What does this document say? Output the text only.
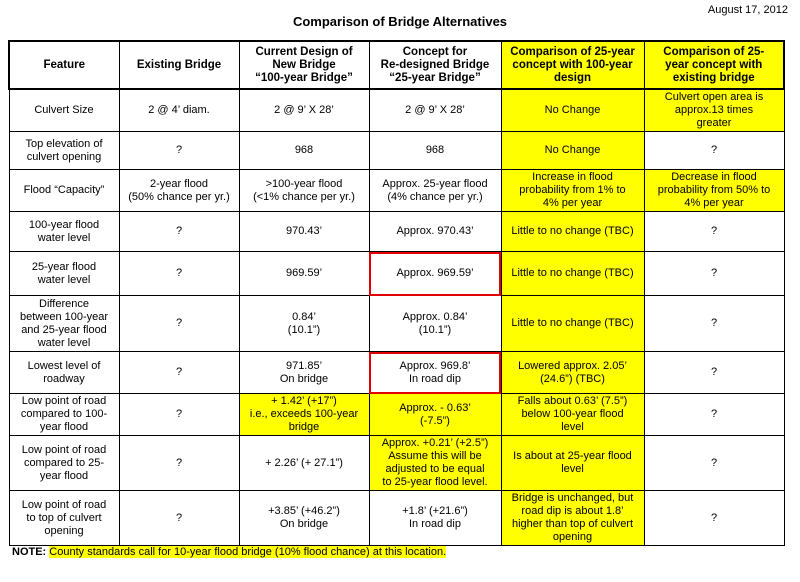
August 17, 2012
Comparison of Bridge Alternatives
Feature	Existing Bridge	Current Design of
New Bridge
“100-year Bridge”	Concept for
Re-designed Bridge
“25-year Bridge”	Comparison of 25-year
concept with 100-year
design	Comparison of 25-
year concept with
existing bridge
Culvert Size	2 @ 4’ diam.	2 @ 9’ X 28’	2 @ 9’ X 28’	No Change	Culvert open area is
approx.13 times
greater
Top elevation of
culvert opening	?	968	968	No Change	?
Flood “Capacity”	2-year flood
(50% chance per yr.)	>100-year flood
(<1% chance per yr.)	Approx. 25-year flood
(4% chance per yr.)	Increase in flood
probability from 1% to
4% per year	Decrease in flood
probability from 50% to
4% per year
100-year flood
water level	?	970.43’	Approx. 970.43’	Little to no change (TBC)	?
25-year flood
water level	?	969.59’	Approx. 969.59’	Little to no change (TBC)	?
Difference
between 100-year
and 25-year flood
water level	?	0.84’
(10.1”)	Approx. 0.84’
(10.1”)	Little to no change (TBC)	?
Lowest level of
roadway	?	971.85’
On bridge	Approx. 969.8’
In road dip	Lowered approx. 2.05’
(24.6”) (TBC)	?
Low point of road
compared to 100-
year flood	?	+ 1.42’ (+17”)
i.e., exceeds 100-year
bridge	Approx. - 0.63’
(-7.5”)	Falls about 0.63’ (7.5”)
below 100-year flood
level	?
Low point of road
compared to 25-
year flood	?	+ 2.26’ (+ 27.1”)	Approx. +0.21’ (+2.5”)
Assume this will be
adjusted to be equal
to 25-year flood level.	Is about at 25-year flood
level	?
Low point of road
to top of culvert
opening	?	+3.85’ (+46.2”)
On bridge	+1.8’ (+21.6”)
In road dip	Bridge is unchanged, but
road dip is about 1.8’
higher than top of culvert
opening	?
NOTE: County standards call for 10-year flood bridge (10% flood chance) at this location.
